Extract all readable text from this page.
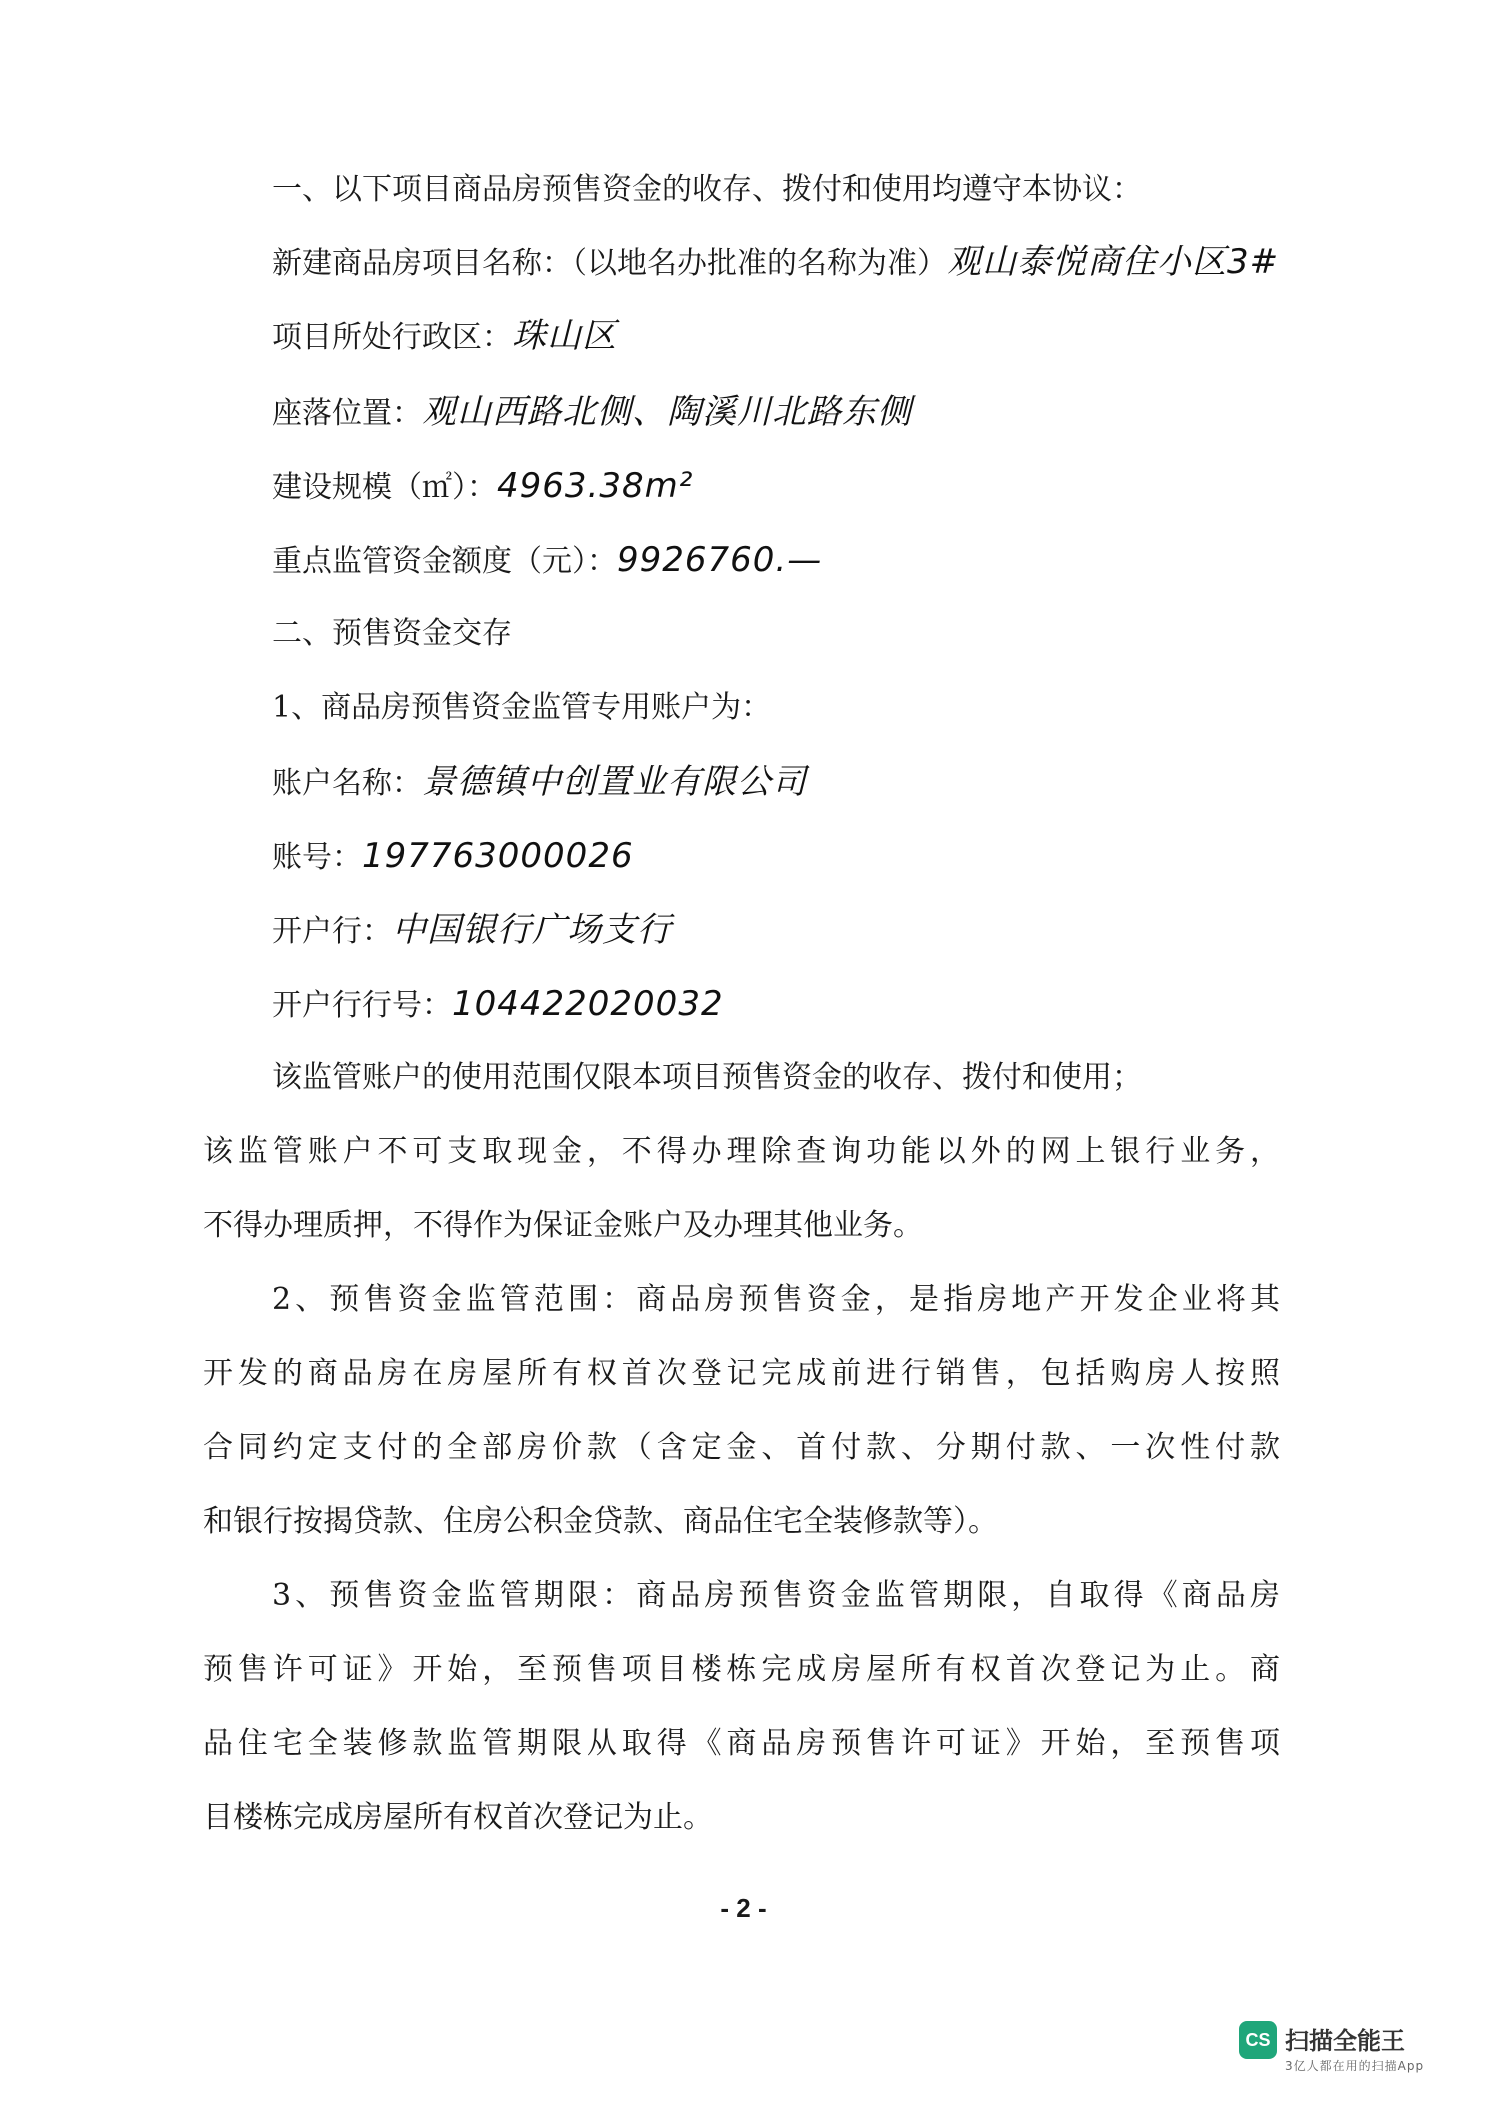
一、以下项目商品房预售资金的收存、拨付和使用均遵守本协议：
新建商品房项目名称：（以地名办批准的名称为准）观山泰悦商住小区3#
项目所处行政区：珠山区
座落位置：观山西路北侧、陶溪川北路东侧
建设规模（㎡）：4963.38m²
重点监管资金额度（元）：9926760.—
二、预售资金交存
1、商品房预售资金监管专用账户为：
账户名称：景德镇中创置业有限公司
账号：197763000026
开户行：中国银行广场支行
开户行行号：104422020032
该监管账户的使用范围仅限本项目预售资金的收存、拨付和使用；
该监管账户不可支取现金，不得办理除查询功能以外的网上银行业务，
不得办理质押，不得作为保证金账户及办理其他业务。
2、预售资金监管范围：商品房预售资金，是指房地产开发企业将其
开发的商品房在房屋所有权首次登记完成前进行销售，包括购房人按照
合同约定支付的全部房价款（含定金、首付款、分期付款、一次性付款
和银行按揭贷款、住房公积金贷款、商品住宅全装修款等）。
3、预售资金监管期限：商品房预售资金监管期限，自取得《商品房
预售许可证》开始，至预售项目楼栋完成房屋所有权首次登记为止。商
品住宅全装修款监管期限从取得《商品房预售许可证》开始，至预售项
目楼栋完成房屋所有权首次登记为止。
- 2 -
CS 扫描全能王
3亿人都在用的扫描App
